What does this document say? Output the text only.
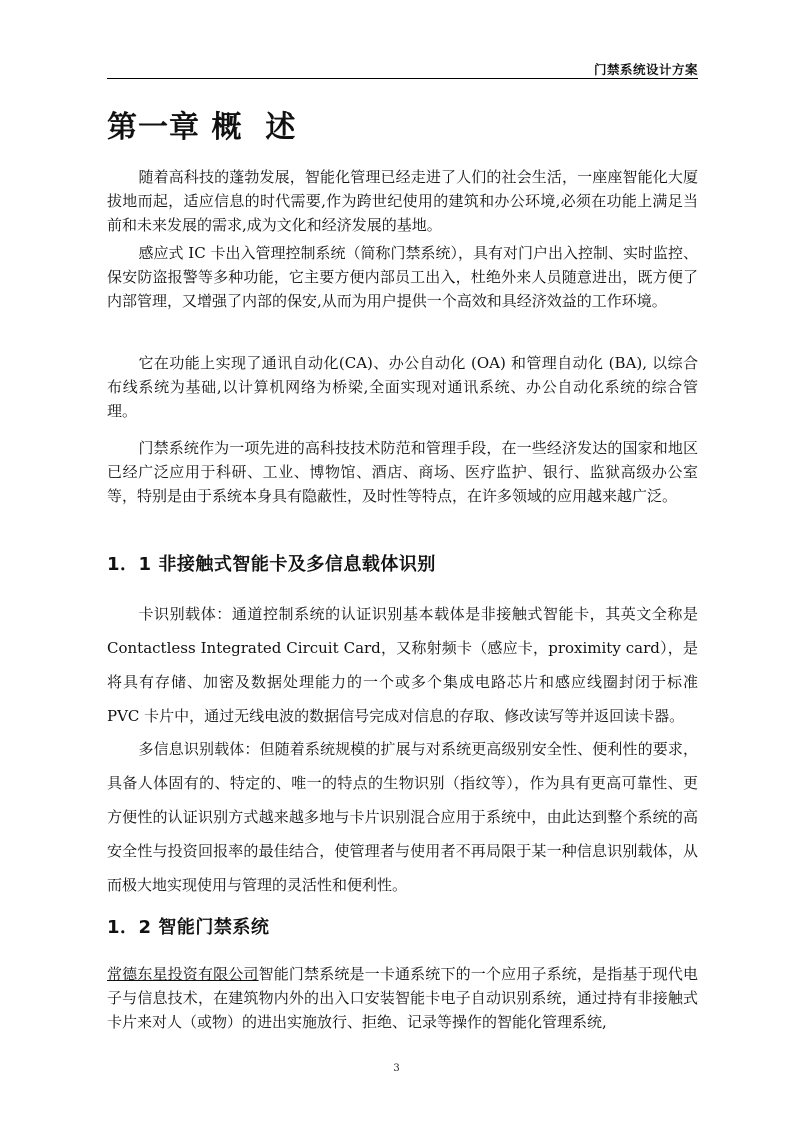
门禁系统设计方案
第一章 概  述

随着高科技的蓬勃发展，智能化管理已经走进了人们的社会生活，一座座智能化大厦拔地而起，适应信息的时代需要,作为跨世纪使用的建筑和办公环境,必须在功能上满足当前和未来发展的需求,成为文化和经济发展的基地。

感应式 IC 卡出入管理控制系统（简称门禁系统），具有对门户出入控制、实时监控、保安防盗报警等多种功能，它主要方便内部员工出入，杜绝外来人员随意进出，既方便了内部管理，又增强了内部的保安,从而为用户提供一个高效和具经济效益的工作环境。

它在功能上实现了通讯自动化(CA)、办公自动化 (OA) 和管理自动化 (BA), 以综合布线系统为基础,以计算机网络为桥梁,全面实现对通讯系统、办公自动化系统的综合管理。

门禁系统作为一项先进的高科技技术防范和管理手段，在一些经济发达的国家和地区已经广泛应用于科研、工业、博物馆、酒店、商场、医疗监护、银行、监狱高级办公室等，特别是由于系统本身具有隐蔽性，及时性等特点，在许多领域的应用越来越广泛。

1．1 非接触式智能卡及多信息载体识别

卡识别载体：通道控制系统的认证识别基本载体是非接触式智能卡，其英文全称是 Contactless Integrated Circuit Card，又称射频卡（感应卡，proximity card），是将具有存储、加密及数据处理能力的一个或多个集成电路芯片和感应线圈封闭于标准 PVC 卡片中，通过无线电波的数据信号完成对信息的存取、修改读写等并返回读卡器。

多信息识别载体：但随着系统规模的扩展与对系统更高级别安全性、便利性的要求，具备人体固有的、特定的、唯一的特点的生物识别（指纹等），作为具有更高可靠性、更方便性的认证识别方式越来越多地与卡片识别混合应用于系统中，由此达到整个系统的高安全性与投资回报率的最佳结合，使管理者与使用者不再局限于某一种信息识别载体，从而极大地实现使用与管理的灵活性和便利性。

1．2 智能门禁系统

常德东星投资有限公司智能门禁系统是一卡通系统下的一个应用子系统，是指基于现代电子与信息技术，在建筑物内外的出入口安装智能卡电子自动识别系统，通过持有非接触式卡片来对人（或物）的进出实施放行、拒绝、记录等操作的智能化管理系统,

3
